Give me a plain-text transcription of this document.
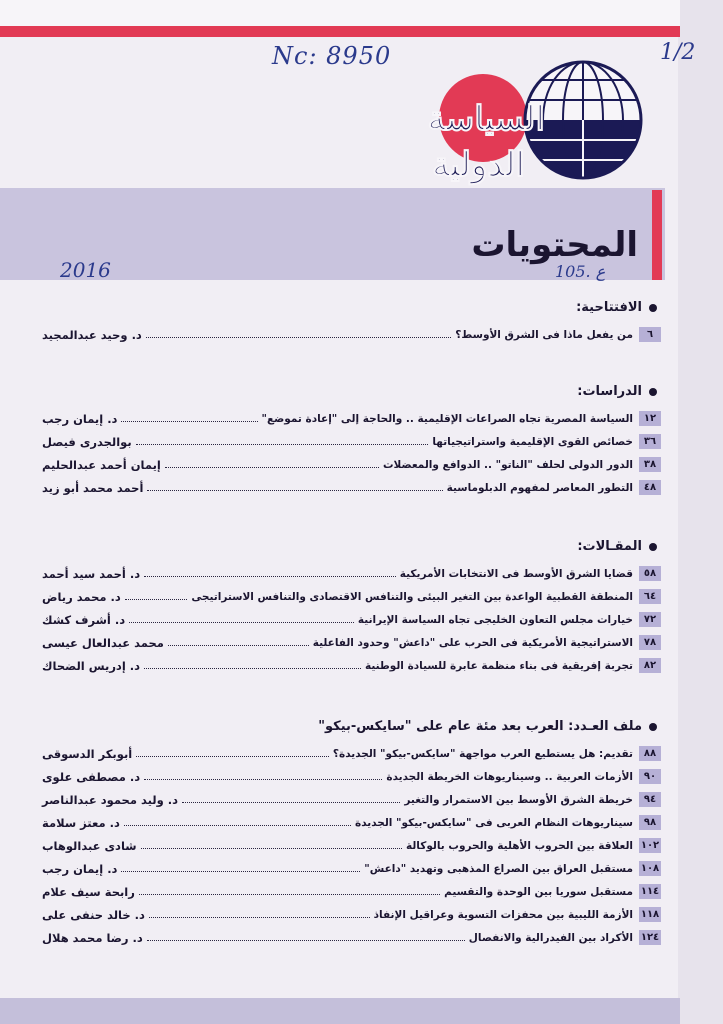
Nc: 8950	1/2
السياسة
الدولية
المحتويات
2016	ع .105
الافتتاحية:
٦
من يفعل ماذا فى الشرق الأوسط؟
د. وحيد عبدالمجيد
الدراسات:
١٢
السياسة المصرية تجاه الصراعات الإقليمية .. والحاجة إلى "إعادة تموضع"
د. إيمان رجب
٣٦
خصائص القوى الإقليمية واستراتيجياتها
بوالجدرى فيصل
٣٨
الدور الدولى لحلف "الناتو" .. الدوافع والمعضلات
إيمان أحمد عبدالحليم
٤٨
التطور المعاصر لمفهوم الدبلوماسية
أحمد محمد أبو زيد
المقـالات:
٥٨
قضايا الشرق الأوسط فى الانتخابات الأمريكية
د. أحمد سيد أحمد
٦٤
المنطقة القطبية الواعدة بين التغير البيئى والتنافس الاقتصادى والتنافس الاستراتيجى
د. محمد رياض
٧٢
خيارات مجلس التعاون الخليجى تجاه السياسة الإيرانية
د. أشرف كشك
٧٨
الاستراتيجية الأمريكية فى الحرب على "داعش" وحدود الفاعلية
محمد عبدالعال عيسى
٨٢
تجربة إفريقية فى بناء منظمة عابرة للسيادة الوطنية
د. إدريس الضحاك
ملف العـدد: العرب بعد مئة عام على "سايكس-بيكو"
٨٨
تقديم: هل يستطيع العرب مواجهة "سايكس-بيكو" الجديدة؟
أبوبكر الدسوقى
٩٠
الأزمات العربية .. وسيناريوهات الخريطة الجديدة
د. مصطفى علوى
٩٤
خريطة الشرق الأوسط بين الاستمرار والتغير
د. وليد محمود عبدالناصر
٩٨
سيناريوهات النظام العربى فى "سايكس-بيكو" الجديدة
د. معتز سلامة
١٠٢
العلاقة بين الحروب الأهلية والحروب بالوكالة
شادى عبدالوهاب
١٠٨
مستقبل العراق بين الصراع المذهبى وتهديد "داعش"
د. إيمان رجب
١١٤
مستقبل سوريا بين الوحدة والتقسيم
رابحة سيف علام
١١٨
الأزمة الليبية بين محفزات التسوية وعراقيل الإنفاذ
د. خالد حنفى على
١٢٤
الأكراد بين الفيدرالية والانفصال
د. رضا محمد هلال
